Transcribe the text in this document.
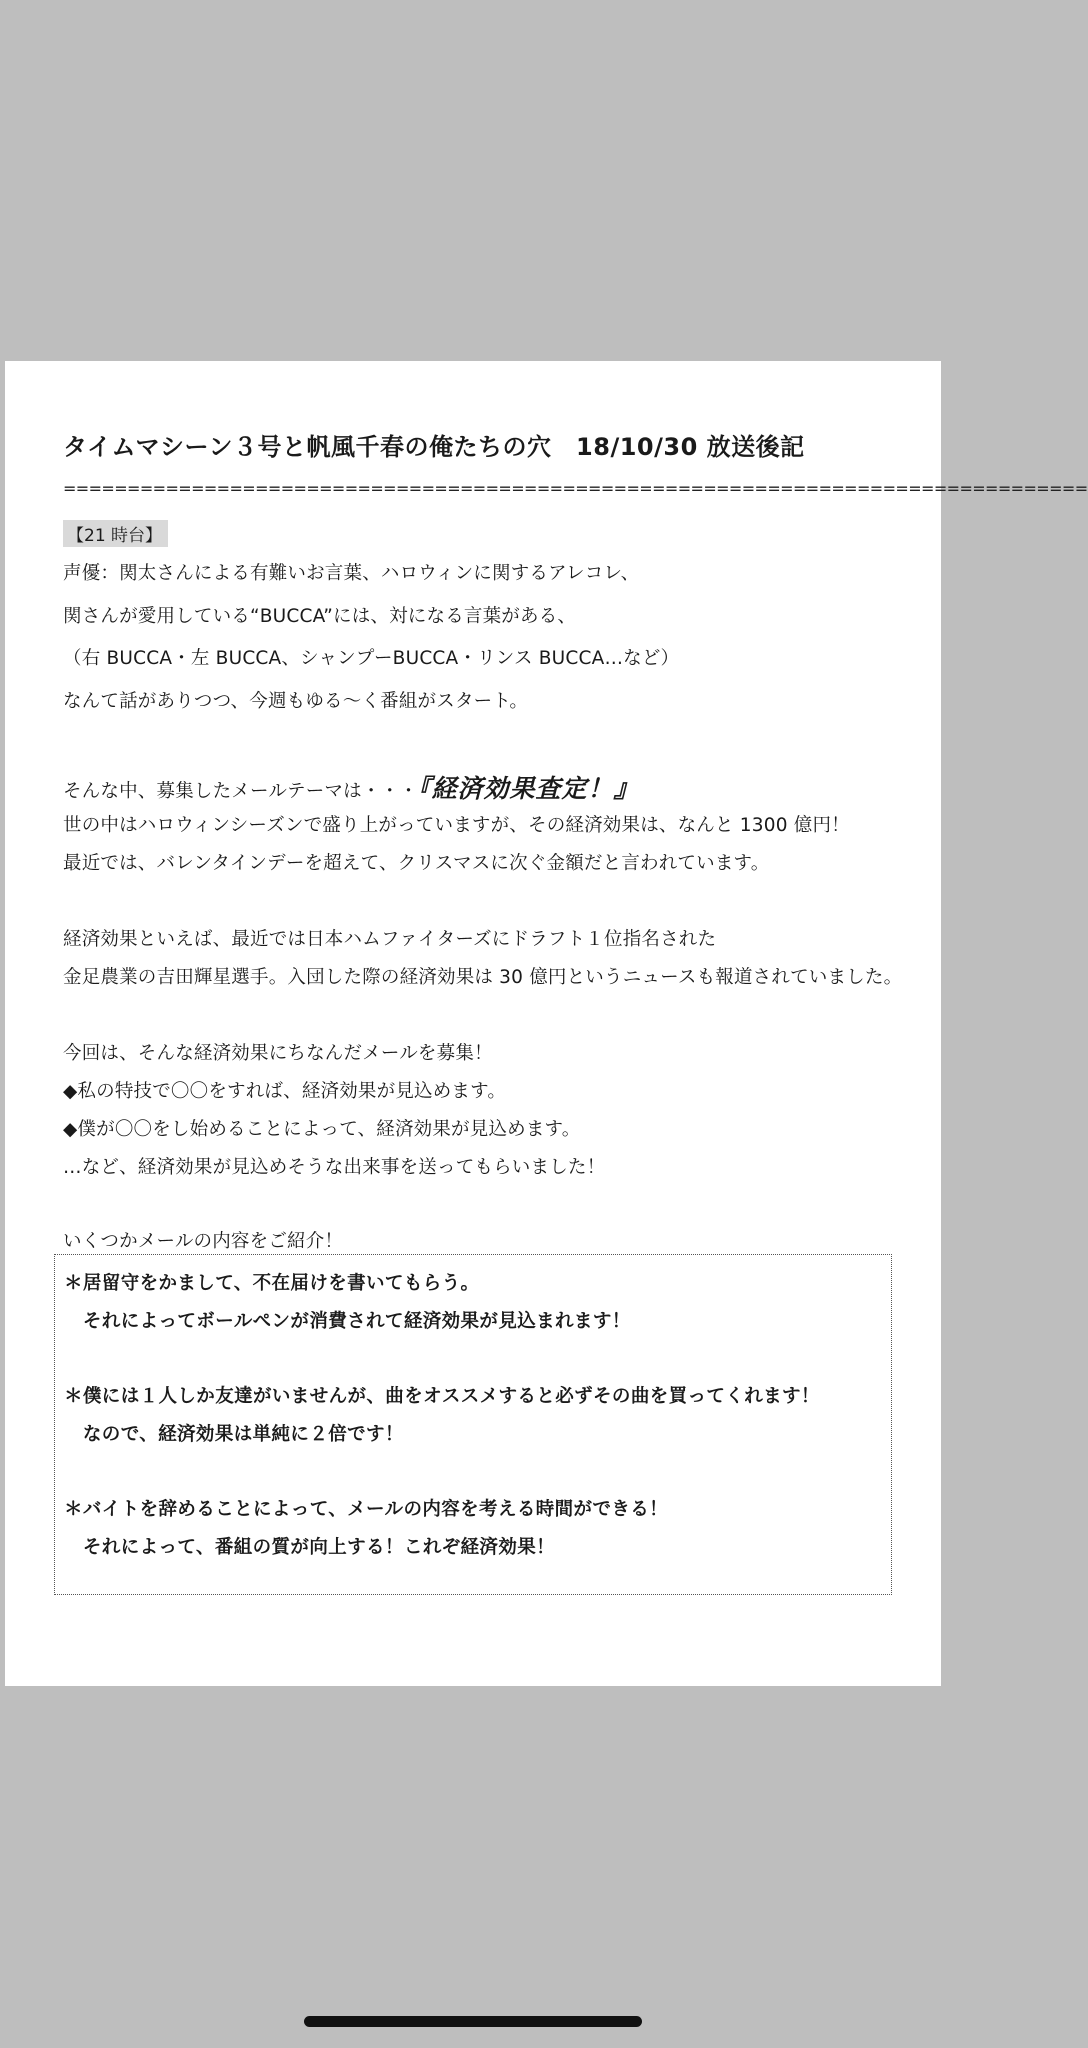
タイムマシーン３号と帆風千春の俺たちの穴　18/10/30 放送後記
================================================================================
【21 時台】
声優：関太さんによる有難いお言葉、ハロウィンに関するアレコレ、
関さんが愛用している“BUCCA”には、対になる言葉がある、
（右 BUCCA・左 BUCCA、シャンプーBUCCA・リンス BUCCA…など）
なんて話がありつつ、今週もゆる〜く番組がスタート。
そんな中、募集したメールテーマは・・・『経済効果査定！』
世の中はハロウィンシーズンで盛り上がっていますが、その経済効果は、なんと 1300 億円！
最近では、バレンタインデーを超えて、クリスマスに次ぐ金額だと言われています。
経済効果といえば、最近では日本ハムファイターズにドラフト１位指名された
金足農業の吉田輝星選手。入団した際の経済効果は 30 億円というニュースも報道されていました。
今回は、そんな経済効果にちなんだメールを募集！
◆私の特技で〇〇をすれば、経済効果が見込めます。
◆僕が〇〇をし始めることによって、経済効果が見込めます。
…など、経済効果が見込めそうな出来事を送ってもらいました！
いくつかメールの内容をご紹介！
＊居留守をかまして、不在届けを書いてもらう。
　それによってボールペンが消費されて経済効果が見込まれます！
＊僕には１人しか友達がいませんが、曲をオススメすると必ずその曲を買ってくれます！
　なので、経済効果は単純に２倍です！
＊バイトを辞めることによって、メールの内容を考える時間ができる！
　それによって、番組の質が向上する！これぞ経済効果！
